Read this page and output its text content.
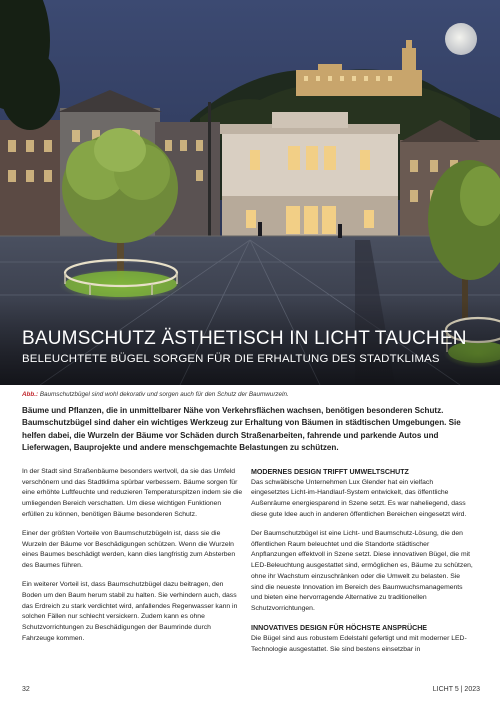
BAUMSCHUTZ ÄSTHETISCH IN LICHT TAUCHEN
BELEUCHTETE BÜGEL SORGEN FÜR DIE ERHALTUNG DES STADTKLIMAS
Abb.: Baumschutzbügel sind wohl dekorativ und sorgen auch für den Schutz der Baumwurzeln.
Bäume und Pflanzen, die in unmittelbarer Nähe von Verkehrsflächen wachsen, benötigen besonderen Schutz. Baumschutzbügel sind daher ein wichtiges Werkzeug zur Erhaltung von Bäumen in städtischen Umgebungen. Sie helfen dabei, die Wurzeln der Bäume vor Schäden durch Straßenarbeiten, fahrende und parkende Autos und Lieferwagen, Bauprojekte und andere menschgemachte Belastungen zu schützen.

In der Stadt sind Straßenbäume besonders wertvoll, da sie das Umfeld verschönern und das Stadtklima spürbar verbessern. Bäume sorgen für eine erhöhte Luftfeuchte und reduzieren Temperaturspitzen indem sie die umliegenden Bereich verschatten. Um diese wichtigen Funktionen erfüllen zu können, benötigen Bäume besonderen Schutz.

Einer der größten Vorteile von Baumschutzbügeln ist, dass sie die Wurzeln der Bäume vor Beschädigungen schützen. Wenn die Wurzeln eines Baumes beschädigt werden, kann dies langfristig zum Absterben des Baumes führen.

Ein weiterer Vorteil ist, dass Baumschutzbügel dazu beitragen, den Boden um den Baum herum stabil zu halten. Sie verhindern auch, dass das Erdreich zu stark verdichtet wird, anfallendes Regenwasser kann in solchen Fällen nur schlecht versickern. Zudem kann es ohne Schutzvorrichtungen zu Beschädigungen der Baumrinde durch Fahrzeuge kommen.

MODERNES DESIGN TRIFFT UMWELTSCHUTZ

Das schwäbische Unternehmen Lux Glender hat ein vielfach eingesetztes Licht-im-Handlauf-System entwickelt, das öffentliche Außenräume energiesparend in Szene setzt. Es war naheliegend, dass diese gute Idee auch in anderen öffentlichen Bereichen eingesetzt wird.

Der Baumschutzbügel ist eine Licht- und Baumschutz-Lösung, die den öffentlichen Raum beleuchtet und die Standorte städtischer Anpflanzungen effektvoll in Szene setzt. Diese innovativen Bügel, die mit LED-Beleuchtung ausgestattet sind, ermöglichen es, Bäume zu schützen, ohne ihr Wachstum einzuschränken oder die Umwelt zu belasten. Sie sind die neueste Innovation im Bereich des Baumwuchsmanagements und bieten eine hervorragende Alternative zu traditionellen Schutzvorrichtungen.

INNOVATIVES DESIGN FÜR HÖCHSTE ANSPRÜCHE

Die Bügel sind aus robustem Edelstahl gefertigt und mit moderner LED-Technologie ausgestattet. Sie sind bestens einsetzbar in

32	LICHT 5 | 2023
